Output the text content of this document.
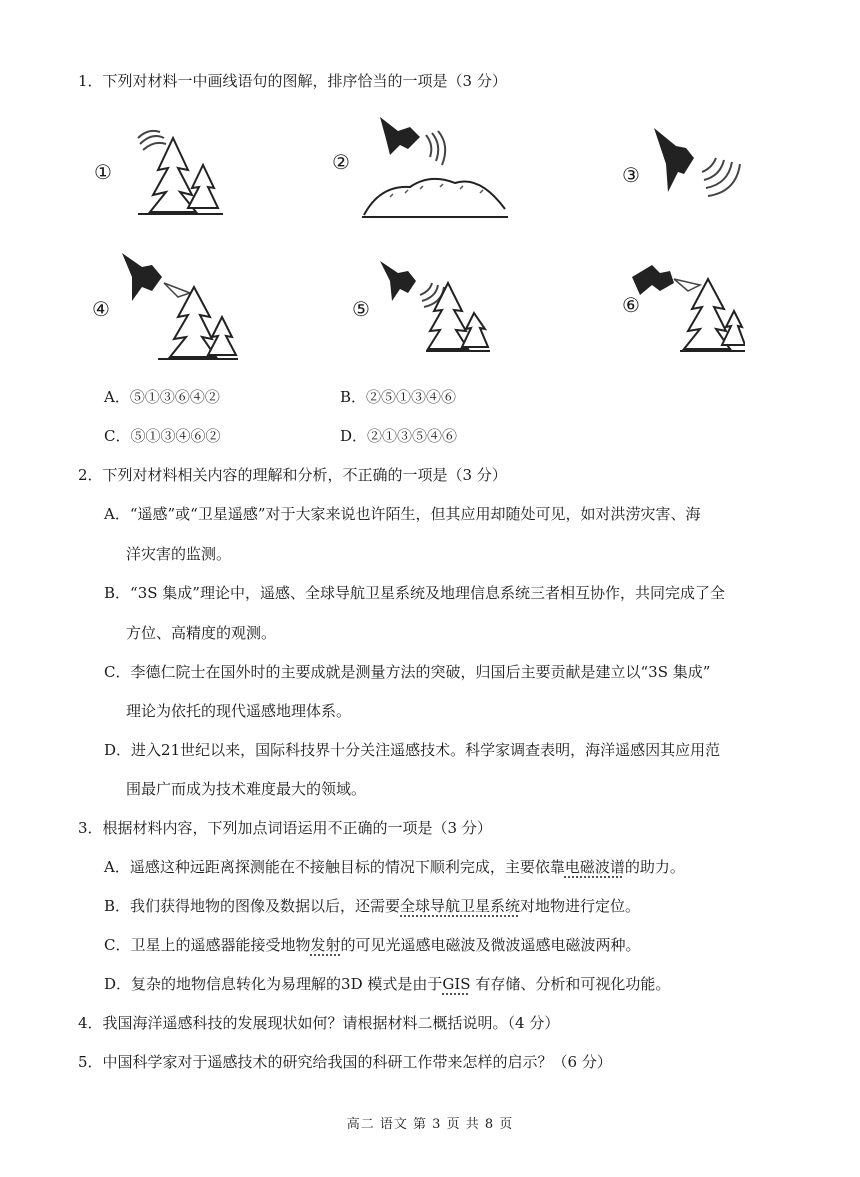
1．下列对材料一中画线语句的图解，排序恰当的一项是（3 分）
①	②
③
④	⑤	⑥
A．⑤①③⑥④②	B．②⑤①③④⑥
C．⑤①③④⑥②	D．②①③⑤④⑥
2．下列对材料相关内容的理解和分析，不正确的一项是（3 分）
A．“遥感”或“卫星遥感”对于大家来说也许陌生，但其应用却随处可见，如对洪涝灾害、海
洋灾害的监测。
B．“3S 集成”理论中，遥感、全球导航卫星系统及地理信息系统三者相互协作，共同完成了全
方位、高精度的观测。
C．李德仁院士在国外时的主要成就是测量方法的突破，归国后主要贡献是建立以“3S 集成”
理论为依托的现代遥感地理体系。
D．进入21世纪以来，国际科技界十分关注遥感技术。科学家调查表明，海洋遥感因其应用范
围最广而成为技术难度最大的领域。
3．根据材料内容，下列加点词语运用不正确的一项是（3 分）
A．遥感这种远距离探测能在不接触目标的情况下顺利完成，主要依靠电磁波谱的助力。
B．我们获得地物的图像及数据以后，还需要全球导航卫星系统对地物进行定位。
C．卫星上的遥感器能接受地物发射的可见光遥感电磁波及微波遥感电磁波两种。
D．复杂的地物信息转化为易理解的3D 模式是由于GIS 有存储、分析和可视化功能。
4．我国海洋遥感科技的发展现状如何？请根据材料二概括说明。（4 分）
5．中国科学家对于遥感技术的研究给我国的科研工作带来怎样的启示？（6 分）
高二 语文 第 3 页 共 8 页
